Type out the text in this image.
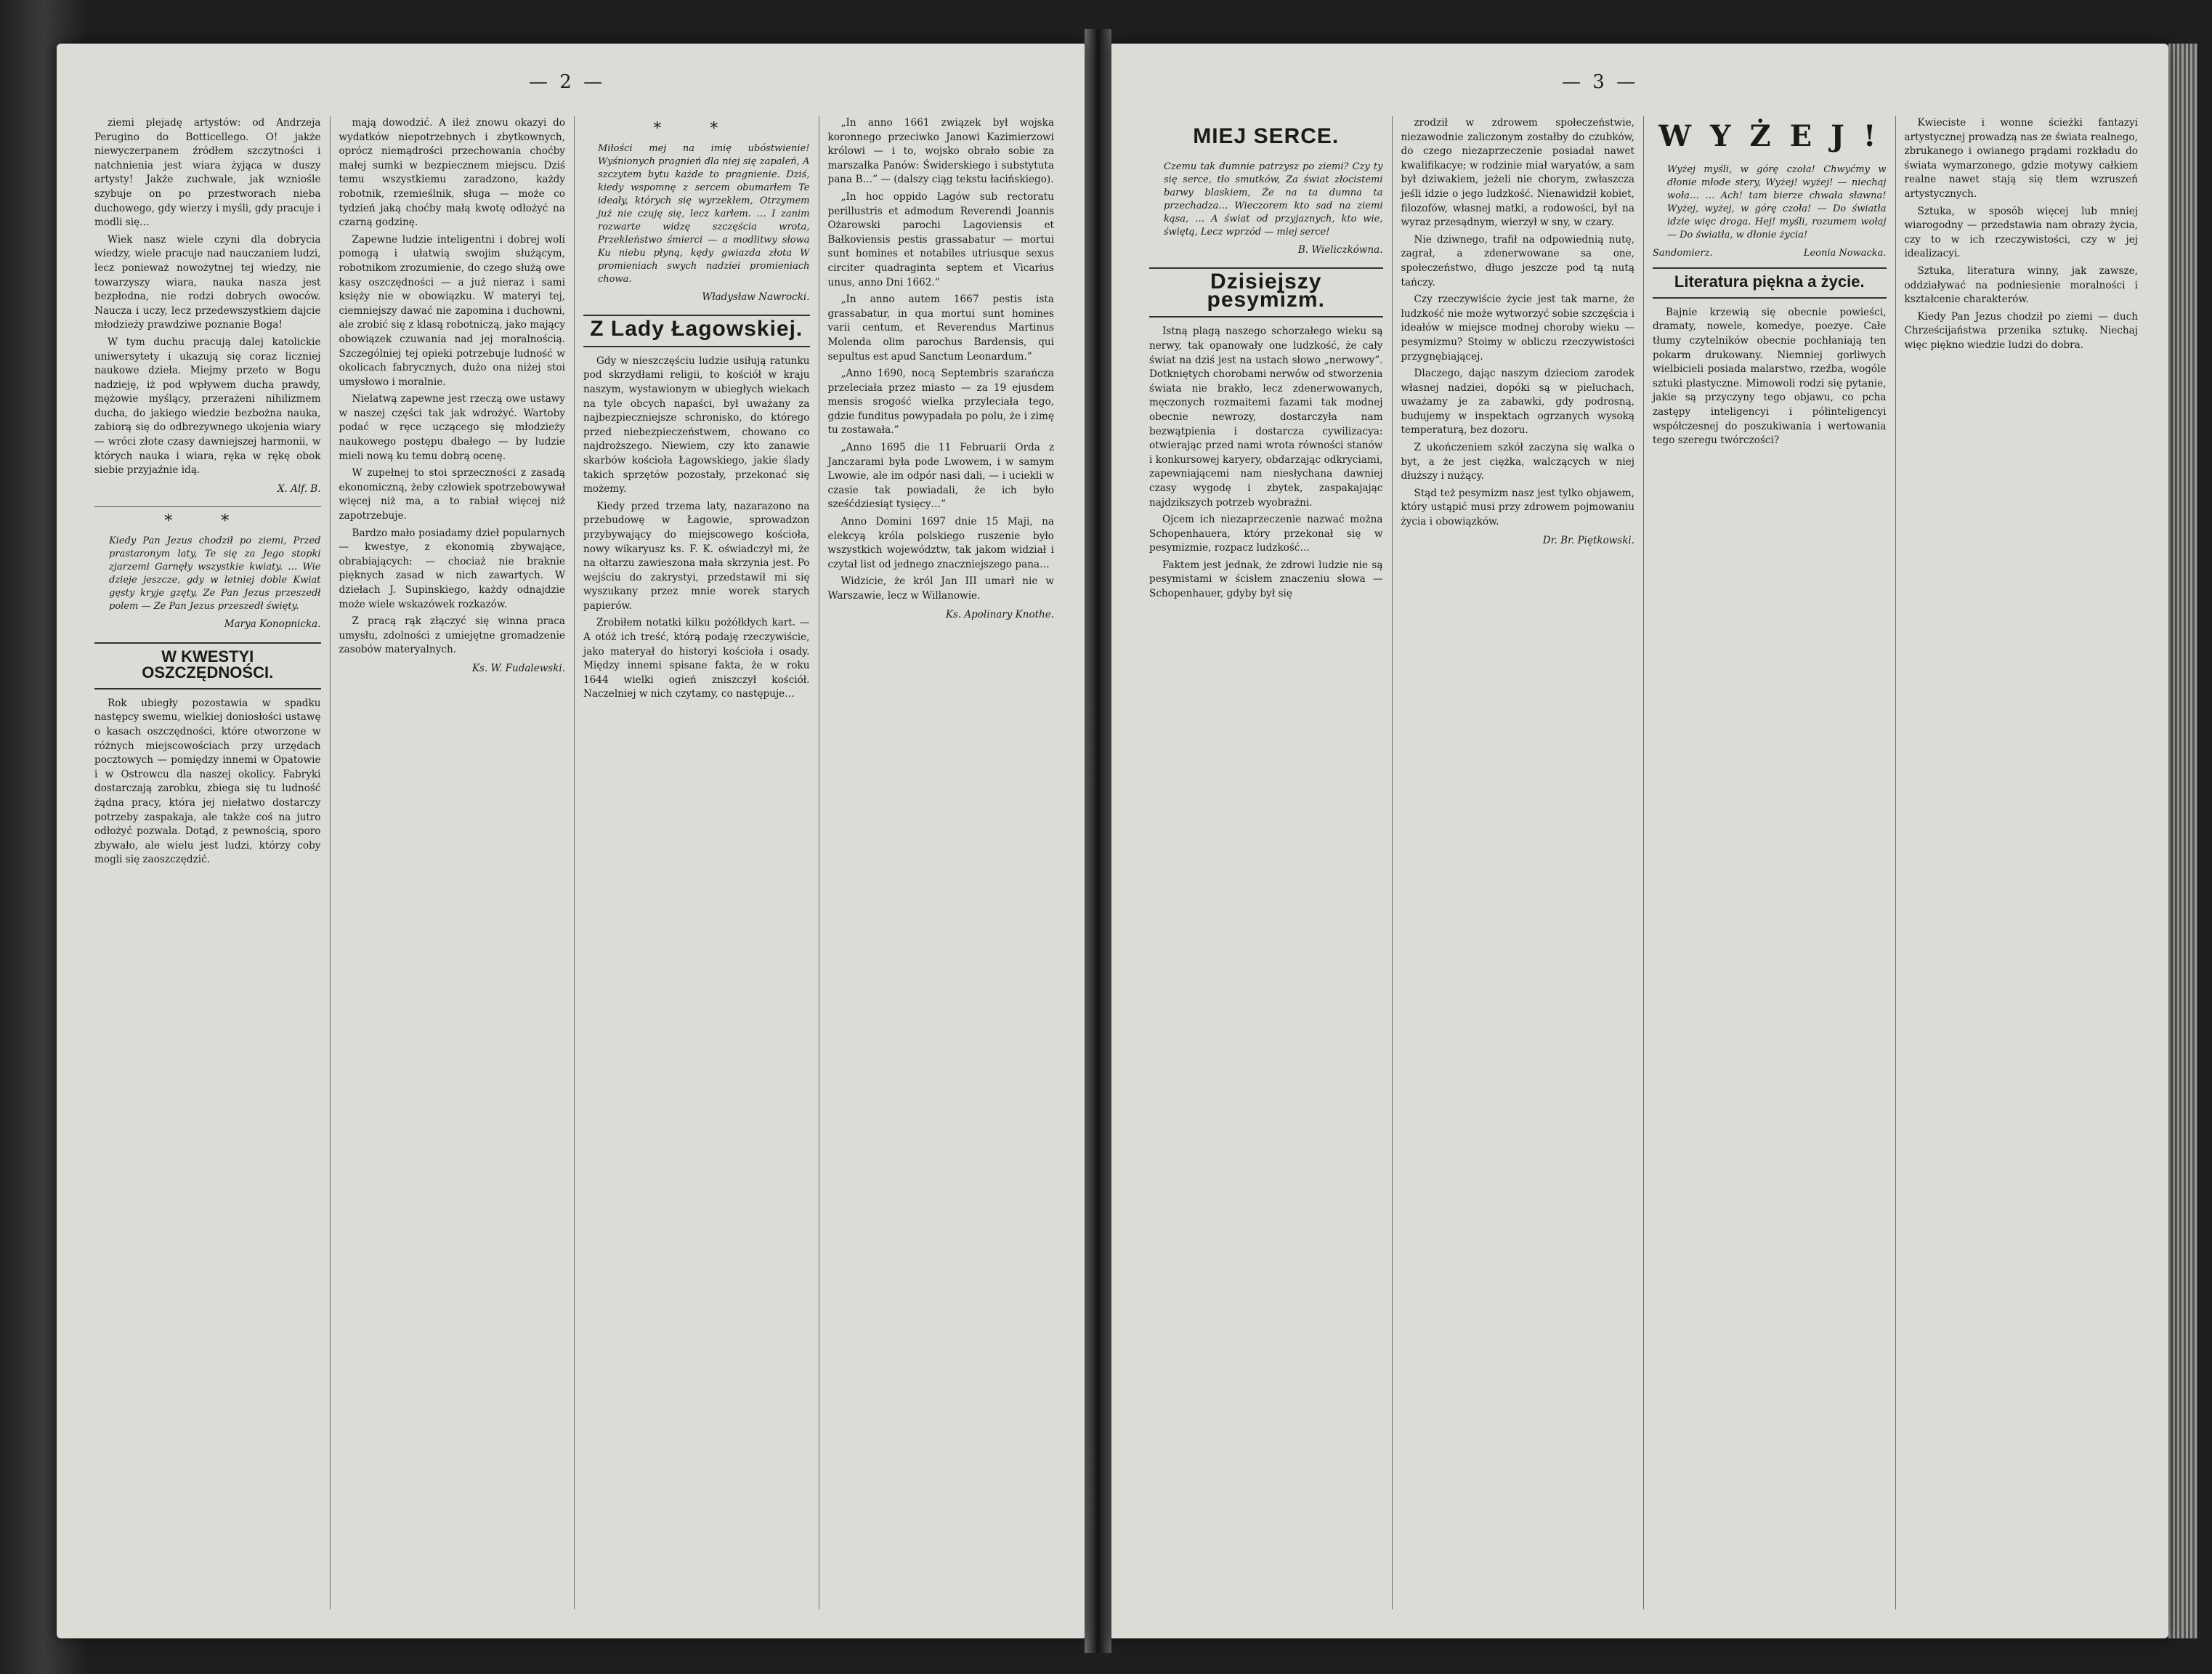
— 2 —

ziemi plejadę artystów: od Andrzeja Perugino do Botticellego. O! jakże niewyczerpanem źródłem szczytności i natchnienia jest wiara żyjąca w duszy artysty! Jakże zuchwale, jak wzniośle szybuje on po przestworach nieba duchowego, gdy wierzy i myśli, gdy pracuje i modli się…

Wiek nasz wiele czyni dla dobrycia wiedzy, wiele pracuje nad nauczaniem ludzi, lecz ponieważ nowożytnej tej wiedzy, nie towarzyszy wiara, nauka nasza jest bezpłodna, nie rodzi dobrych owoców. Naucza i uczy, lecz przedewszystkiem dajcie młodzieży prawdziwe poznanie Boga!

W tym duchu pracują dalej katolickie uniwersytety i ukazują się coraz liczniej naukowe dzieła. Miejmy przeto w Bogu nadzieję, iż pod wpływem ducha prawdy, mężowie myślący, przerażeni nihilizmem ducha, do jakiego wiedzie bezbożna nauka, zabiorą się do odbrezywnego ukojenia wiary — wróci złote czasy dawniejszej harmonii, w których nauka i wiara, ręka w rękę obok siebie przyjaźnie idą.

X. Alf. B.
* *
Kiedy Pan Jezus chodził po ziemi, Przed prastaronym laty, Te się za Jego stopki zjarzemi Garnęły wszystkie kwiaty. … Wie dzieje jeszcze, gdy w letniej doble Kwiat gęsty kryje gzęty, Ze Pan Jezus przeszedł polem — Ze Pan Jezus przeszedł święty.
Marya Konopnicka.
W KWESTYI OSZCZĘDNOŚCI.

Rok ubiegły pozostawia w spadku następcy swemu, wielkiej doniosłości ustawę o kasach oszczędności, które otworzone w różnych miejscowościach przy urzędach pocztowych — pomiędzy innemi w Opatowie i w Ostrowcu dla naszej okolicy. Fabryki dostarczają zarobku, zbiega się tu ludność żądna pracy, która jej niełatwo dostarczy potrzeby zaspakaja, ale także coś na jutro odłożyć pozwala. Dotąd, z pewnością, sporo zbywało, ale wielu jest ludzi, którzy coby mogli się zaoszczędzić.

mają dowodzić. A ileż znowu okazyi do wydatków niepotrzebnych i zbytkownych, oprócz niemądrości przechowania choćby małej sumki w bezpiecznem miejscu. Dziś temu wszystkiemu zaradzono, każdy robotnik, rzemieślnik, sługa — może co tydzień jaką choćby małą kwotę odłożyć na czarną godzinę.

Zapewne ludzie inteligentni i dobrej woli pomogą i ułatwią swojim służącym, robotnikom zrozumienie, do czego służą owe kasy oszczędności — a już nieraz i sami księży nie w obowiązku. W materyi tej, ciemniejszy dawać nie zapomina i duchowni, ale zrobić się z klasą robotniczą, jako mający obowiązek czuwania nad jej moralnością. Szczególniej tej opieki potrzebuje ludność w okolicach fabrycznych, dużo ona niżej stoi umysłowo i moralnie.

Nielatwą zapewne jest rzeczą owe ustawy w naszej części tak jak wdrożyć. Wartoby podać w ręce uczącego się młodzieży naukowego postępu dbałego — by ludzie mieli nową ku temu dobrą ocenę.

W zupełnej to stoi sprzeczności z zasadą ekonomiczną, żeby człowiek spotrzebowywał więcej niż ma, a to rabiał więcej niż zapotrzebuje.

Bardzo mało posiadamy dzieł popularnych — kwestye, z ekonomią zbywające, obrabiających: — chociaż nie braknie pięknych zasad w nich zawartych. W dziełach J. Supinskiego, każdy odnajdzie może wiele wskazówek rozkazów.

Z pracą rąk złączyć się winna praca umysłu, zdolności z umiejętne gromadzenie zasobów materyalnych.

Ks. W. Fudalewski.
* *
Miłości mej na imię ubóstwienie! Wyśnionych pragnień dla niej się zapaleń, A szczytem bytu każde to pragnienie. Dziś, kiedy wspomnę z sercem obumarłem Te ideały, których się wyrzekłem, Otrzymem już nie czuję się, lecz karłem. … I zanim rozwarte widzę szczęścia wrota, Przekleństwo śmierci — a modlitwy słowa Ku niebu płyną, kędy gwiazda złota W promieniach swych nadziei promieniach chowa.
Władysław Nawrocki.
Z Lady Łagowskiej.

Gdy w nieszczęściu ludzie usiłują ratunku pod skrzydłami religii, to kościół w kraju naszym, wystawionym w ubiegłych wiekach na tyle obcych napaści, był uważany za najbezpieczniejsze schronisko, do którego przed niebezpieczeństwem, chowano co najdroższego. Niewiem, czy kto zanawie skarbów kościoła Łagowskiego, jakie ślady takich sprzętów pozostały, przekonać się możemy.

Kiedy przed trzema laty, nazarazono na przebudowę w Łagowie, sprowadzon przybywający do miejscowego kościoła, nowy wikaryusz ks. F. K. oświadczył mi, że na ołtarzu zawieszona mała skrzynia jest. Po wejściu do zakrystyi, przedstawił mi się wyszukany przez mnie worek starych papierów.

Zrobiłem notatki kilku pożółkłych kart. — A otóż ich treść, którą podaję rzeczywiście, jako materyał do historyi kościoła i osady. Między innemi spisane fakta, że w roku 1644 wielki ogień zniszczył kościół. Naczelniej w nich czytamy, co następuje…

„In anno 1661 związek był wojska koronnego przeciwko Janowi Kazimierzowi królowi — i to, wojsko obrało sobie za marszałka Panów: Świderskiego i substytuta pana B…” — (dalszy ciąg tekstu łacińskiego).

„In hoc oppido Lagów sub rectoratu perillustris et admodum Reverendi Joannis Ożarowski parochi Lagoviensis et Bałkoviensis pestis grassabatur — mortui sunt homines et notabiles utriusque sexus circiter quadraginta septem et Vicarius unus, anno Dni 1662.”

„In anno autem 1667 pestis ista grassabatur, in qua mortui sunt homines varii centum, et Reverendus Martinus Molenda olim parochus Bardensis, qui sepultus est apud Sanctum Leonardum.”

„Anno 1690, nocą Septembris szarańcza przeleciała przez miasto — za 19 ejusdem mensis srogość wielka przyleciała tego, gdzie funditus powypadała po polu, że i zimę tu zostawała.”

„Anno 1695 die 11 Februarii Orda z Janczarami była pode Lwowem, i w samym Lwowie, ale im odpór nasi dali, — i uciekli w czasie tak powiadali, że ich było sześćdziesiąt tysięcy…”

Anno Domini 1697 dnie 15 Maji, na elekcyą króla polskiego ruszenie było wszystkich województw, tak jakom widział i czytał list od jednego znaczniejszego pana…

Widzicie, że król Jan III umarł nie w Warszawie, lecz w Willanowie.

Ks. Apolinary Knothe.
— 3 —
MIEJ SERCE.
Czemu tak dumnie patrzysz po ziemi? Czy ty się serce, tło smutków, Za świat złocistemi barwy blaskiem, Że na ta dumna ta przechadza… Wieczorem kto sad na ziemi kąsa, … A świat od przyjaznych, kto wie, świętą, Lecz wprzód — miej serce!
B. Wieliczkówna.
Dzisiejszy pesymizm.

Istną plagą naszego schorzałego wieku są nerwy, tak opanowały one ludzkość, że cały świat na dziś jest na ustach słowo „nerwowy”. Dotkniętych chorobami nerwów od stworzenia świata nie brakło, lecz zdenerwowanych, męczonych rozmaitemi fazami tak modnej obecnie newrozy, dostarczyła nam bezwątpienia i dostarcza cywilizacya: otwierając przed nami wrota równości stanów i konkursowej karyery, obdarzając odkryciami, zapewniającemi nam niesłychana dawniej czasy wygodę i zbytek, zaspakajając najdzikszych potrzeb wyobraźni.

Ojcem ich niezaprzeczenie nazwać można Schopenhauera, który przekonał się w pesymizmie, rozpacz ludzkość…

Faktem jest jednak, że zdrowi ludzie nie są pesymistami w ścisłem znaczeniu słowa — Schopenhauer, gdyby był się

zrodził w zdrowem społeczeństwie, niezawodnie zaliczonym zostałby do czubków, do czego niezaprzeczenie posiadał nawet kwalifikacye; w rodzinie miał waryatów, a sam był dziwakiem, jeżeli nie chorym, zwłaszcza jeśli idzie o jego ludzkość. Nienawidził kobiet, filozofów, własnej matki, a rodowości, był na wyraz przesądnym, wierzył w sny, w czary.

Nie dziwnego, trafił na odpowiednią nutę, zagrał, a zdenerwowane sa one, społeczeństwo, długo jeszcze pod tą nutą tańczy.

Czy rzeczywiście życie jest tak marne, że ludzkość nie może wytworzyć sobie szczęścia i ideałów w miejsce modnej choroby wieku — pesymizmu? Stoimy w obliczu rzeczywistości przygnębiającej.

Dlaczego, dając naszym dzieciom zarodek własnej nadziei, dopóki są w pieluchach, uważamy je za zabawki, gdy podrosną, budujemy w inspektach ogrzanych wysoką temperaturą, bez dozoru.

Z ukończeniem szkół zaczyna się walka o byt, a że jest ciężka, walczących w niej dłuższy i nużący.

Stąd też pesymizm nasz jest tylko objawem, który ustąpić musi przy zdrowem pojmowaniu życia i obowiązków.

Dr. Br. Piętkowski.
W Y Ż E J !
Wyżej myśli, w górę czoła! Chwyćmy w dłonie młode stery, Wyżej! wyżej! — niechaj woła… … Ach! tam bierze chwała sławna! Wyżej, wyżej, w górę czoła! — Do światła idzie więc droga. Hej! myśli, rozumem wołaj — Do światła, w dłonie życia!
Sandomierz.	Leonia Nowacka.
Literatura piękna a życie.

Bajnie krzewią się obecnie powieści, dramaty, nowele, komedye, poezye. Całe tłumy czytelników obecnie pochłaniają ten pokarm drukowany. Niemniej gorliwych wielbicieli posiada malarstwo, rzeźba, wogóle sztuki plastyczne. Mimowoli rodzi się pytanie, jakie są przyczyny tego objawu, co pcha zastępy inteligencyi i półinteligencyi współczesnej do poszukiwania i wertowania tego szeregu twórczości?

Kwieciste i wonne ścieżki fantazyi artystycznej prowadzą nas ze świata realnego, zbrukanego i owianego prądami rozkładu do świata wymarzonego, gdzie motywy całkiem realne nawet stają się tłem wzruszeń artystycznych.

Sztuka, w sposób więcej lub mniej wiarogodny — przedstawia nam obrazy życia, czy to w ich rzeczywistości, czy w jej idealizacyi.

Sztuka, literatura winny, jak zawsze, oddziaływać na podniesienie moralności i kształcenie charakterów.

Kiedy Pan Jezus chodził po ziemi — duch Chrześcijaństwa przenika sztukę. Niechaj więc piękno wiedzie ludzi do dobra.
